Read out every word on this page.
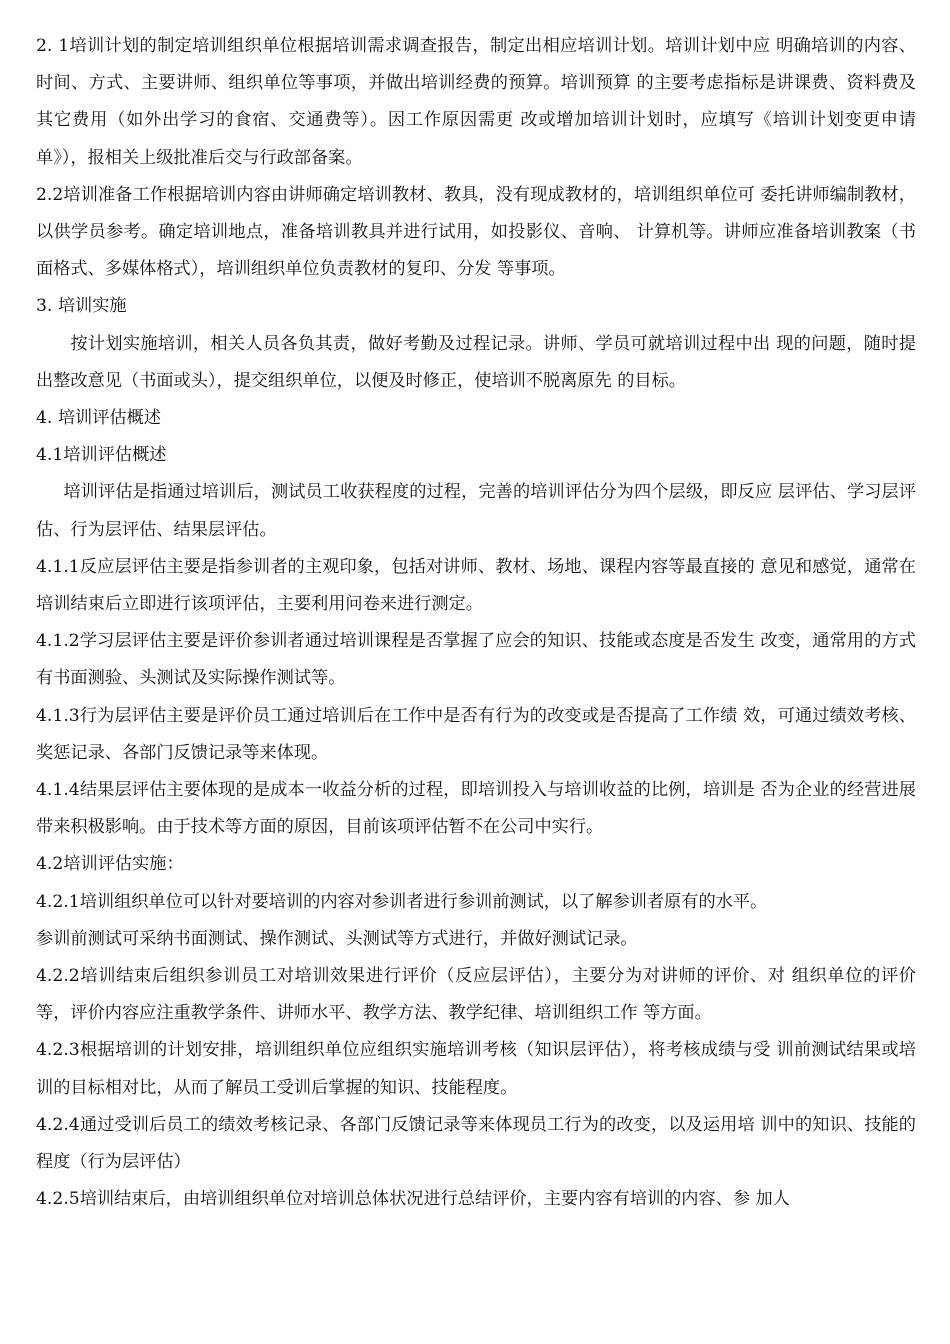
2. 1培训计划的制定培训组织单位根据培训需求调查报告，制定出相应培训计划。培训计划中应 明确培训的内容、时间、方式、主要讲师、组织单位等事项，并做出培训经费的预算。培训预算 的主要考虑指标是讲课费、资料费及其它费用（如外出学习的食宿、交通费等）。因工作原因需更 改或增加培训计划时，应填写《培训计划变更申请单》），报相关上级批准后交与行政部备案。

2.2培训准备工作根据培训内容由讲师确定培训教材、教具，没有现成教材的，培训组织单位可 委托讲师编制教材，以供学员参考。确定培训地点，准备培训教具并进行试用，如投影仪、音响、 计算机等。讲师应准备培训教案（书面格式、多媒体格式），培训组织单位负责教材的复印、分发 等事项。

3. 培训实施

按计划实施培训，相关人员各负其责，做好考勤及过程记录。讲师、学员可就培训过程中出 现的问题，随时提出整改意见（书面或头），提交组织单位，以便及时修正，使培训不脱离原先 的目标。

4. 培训评估概述

4.1培训评估概述

培训评估是指通过培训后，测试员工收获程度的过程，完善的培训评估分为四个层级，即反应 层评估、学习层评估、行为层评估、结果层评估。

4.1.1反应层评估主要是指参训者的主观印象，包括对讲师、教材、场地、课程内容等最直接的 意见和感觉，通常在培训结束后立即进行该项评估，主要利用问卷来进行测定。

4.1.2学习层评估主要是评价参训者通过培训课程是否掌握了应会的知识、技能或态度是否发生 改变，通常用的方式有书面测验、头测试及实际操作测试等。

4.1.3行为层评估主要是评价员工通过培训后在工作中是否有行为的改变或是否提高了工作绩 效，可通过绩效考核、奖惩记录、各部门反馈记录等来体现。

4.1.4结果层评估主要体现的是成本一收益分析的过程，即培训投入与培训收益的比例，培训是 否为企业的经营进展带来积极影响。由于技术等方面的原因，目前该项评估暂不在公司中实行。

4.2培训评估实施：

4.2.1培训组织单位可以针对要培训的内容对参训者进行参训前测试，以了解参训者原有的水平。

参训前测试可采纳书面测试、操作测试、头测试等方式进行，并做好测试记录。

4.2.2培训结束后组织参训员工对培训效果进行评价（反应层评估），主要分为对讲师的评价、对 组织单位的评价等，评价内容应注重教学条件、讲师水平、教学方法、教学纪律、培训组织工作 等方面。

4.2.3根据培训的计划安排，培训组织单位应组织实施培训考核（知识层评估），将考核成绩与受 训前测试结果或培训的目标相对比，从而了解员工受训后掌握的知识、技能程度。

4.2.4通过受训后员工的绩效考核记录、各部门反馈记录等来体现员工行为的改变，以及运用培 训中的知识、技能的程度（行为层评估）

4.2.5培训结束后，由培训组织单位对培训总体状况进行总结评价，主要内容有培训的内容、参 加人
